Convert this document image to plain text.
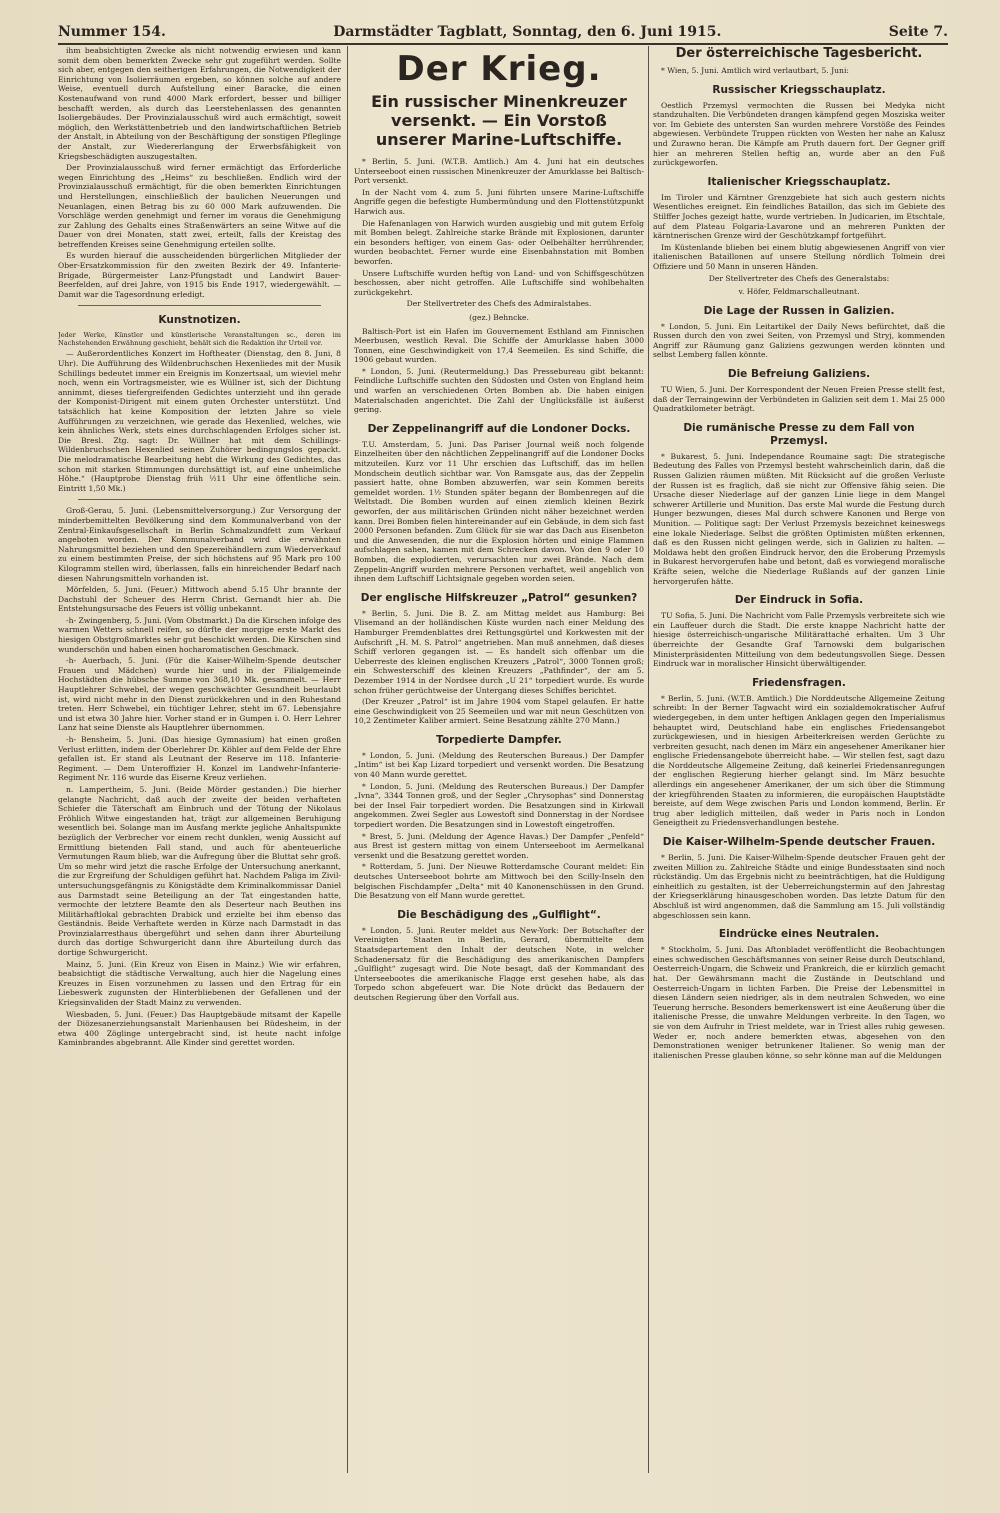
Nummer 154.	Darmstädter Tagblatt, Sonntag, den 6. Juni 1915.	Seite 7.

ihm beabsichtigten Zwecke als nicht notwendig erwiesen und kann somit dem oben bemerkten Zwecke sehr gut zugeführt werden. Sollte sich aber, entgegen den seitherigen Erfahrungen, die Notwendigkeit der Einrichtung von Isolierräumen ergeben, so können solche auf andere Weise, eventuell durch Aufstellung einer Baracke, die einen Kostenaufwand von rund 4000 Mark erfordert, besser und billiger beschafft werden, als durch das Leerstehenlassen des genannten Isoliergebäudes. Der Provinzialausschuß wird auch ermächtigt, soweit möglich, den Werkstättenbetrieb und den landwirtschaftlichen Betrieb der Anstalt, in Abteilung von der Beschäftigung der sonstigen Pfleglinge der Anstalt, zur Wiedererlangung der Erwerbsfähigkeit von Kriegsbeschädigten auszugestalten.

Der Provinzialausschuß wird ferner ermächtigt das Erforderliche wegen Einrichtung des „Heims“ zu beschließen. Endlich wird der Provinzialausschuß ermächtigt, für die oben bemerkten Einrichtungen und Herstellungen, einschließlich der baulichen Neuerungen und Neuanlagen, einen Betrag bis zu 60 000 Mark aufzuwenden. Die Vorschläge werden genehmigt und ferner im voraus die Genehmigung zur Zahlung des Gehalts eines Straßenwärters an seine Witwe auf die Dauer von drei Monaten, statt zwei, erteilt, falls der Kreistag des betreffenden Kreises seine Genehmigung erteilen sollte.

Es wurden hierauf die ausscheidenden bürgerlichen Mitglieder der Ober-Ersatzkommission für den zweiten Bezirk der 49. Infanterie-Brigade, Bürgermeister Lanz-Pfungstadt und Landwirt Bauer-Beerfelden, auf drei Jahre, von 1915 bis Ende 1917, wiedergewählt. — Damit war die Tagesordnung erledigt.

Kunstnotizen.

Jeder Werke, Künstler und künstlerische Veranstaltungen sc., deren im Nachstehenden Erwähnung geschieht, behält sich die Redaktion ihr Urteil vor.

— Außerordentliches Konzert im Hoftheater (Dienstag, den 8. Juni, 8 Uhr). Die Aufführung des Wildenbruchschen Hexenliedes mit der Musik Schillings bedeutet immer ein Ereignis im Konzertsaal, um wieviel mehr noch, wenn ein Vortragsmeister, wie es Wüllner ist, sich der Dichtung annimmt, dieses tiefergreifenden Gedichtes unterzieht und ihn gerade der Komponist-Dirigent mit einem guten Orchester unterstützt. Und tatsächlich hat keine Komposition der letzten Jahre so viele Aufführungen zu verzeichnen, wie gerade das Hexenlied, welches, wie kein ähnliches Werk, stets eines durchschlagenden Erfolges sicher ist. Die Bresl. Ztg. sagt: Dr. Wüllner hat mit dem Schillings-Wildenbruchschen Hexenlied seinen Zuhörer bedingungslos gepackt. Die melodramatische Bearbeitung hebt die Wirkung des Gedichtes, das schon mit starken Stimmungen durchsättigt ist, auf eine unheimliche Höhe.“ (Hauptprobe Dienstag früh ½11 Uhr eine öffentliche sein. Eintritt 1,50 Mk.)

Groß-Gerau, 5. Juni. (Lebensmittelversorgung.) Zur Versorgung der minderbemittelten Bevölkerung sind dem Kommunalverband von der Zentral-Einkaufsgesellschaft in Berlin Schmalzundfett zum Verkauf angeboten worden. Der Kommunalverband wird die erwähnten Nahrungsmittel beziehen und den Spezereihändlern zum Wiederverkauf zu einem bestimmten Preise, der sich höchstens auf 95 Mark pro 100 Kilogramm stellen wird, überlassen, falls ein hinreichender Bedarf nach diesen Nahrungsmitteln vorhanden ist.

Mörfelden, 5. Juni. (Feuer.) Mittwoch abend 5.15 Uhr brannte der Dachstuhl der Scheuer des Herrn Christ. Gernandt hier ab. Die Entstehungsursache des Feuers ist völlig unbekannt.

-h- Zwingenberg, 5. Juni. (Vom Obstmarkt.) Da die Kirschen infolge des warmen Wetters schnell reifen, so dürfte der morgige erste Markt des hiesigen Obstgroßmarktes sehr gut beschickt werden. Die Kirschen sind wunderschön und haben einen hocharomatischen Geschmack.

-h- Auerbach, 5. Juni. (Für die Kaiser-Wilhelm-Spende deutscher Frauen und Mädchen) wurde hier und in der Filialgemeinde Hochstädten die hübsche Summe von 368,10 Mk. gesammelt. — Herr Hauptlehrer Schwebel, der wegen geschwächter Gesundheit beurlaubt ist, wird nicht mehr in den Dienst zurückkehren und in den Ruhestand treten. Herr Schwebel, ein tüchtiger Lehrer, steht im 67. Lebensjahre und ist etwa 30 Jahre hier. Vorher stand er in Gumpen i. O. Herr Lehrer Lanz hat seine Dienste als Hauptlehrer übernommen.

-h- Bensheim, 5. Juni. (Das hiesige Gymnasium) hat einen großen Verlust erlitten, indem der Oberlehrer Dr. Köhler auf dem Felde der Ehre gefallen ist. Er stand als Leutnant der Reserve im 118. Infanterie-Regiment. — Dem Unteroffizier H. Konzel im Landwehr-Infanterie-Regiment Nr. 116 wurde das Eiserne Kreuz verliehen.

n. Lampertheim, 5. Juni. (Beide Mörder gestanden.) Die hierher gelangte Nachricht, daß auch der zweite der beiden verhafteten Schiefer die Täterschaft am Einbruch und der Tötung der Nikolaus Fröhlich Witwe eingestanden hat, trägt zur allgemeinen Beruhigung wesentlich bei. Solange man im Ausfang merkte jegliche Anhaltspunkte bezüglich der Verbrecher vor einem recht dunklen, wenig Aussicht auf Ermittlung bietenden Fall stand, und auch für abenteuerliche Vermutungen Raum blieb, war die Aufregung über die Bluttat sehr groß. Um so mehr wird jetzt die rasche Erfolge der Untersuchung anerkannt, die zur Ergreifung der Schuldigen geführt hat. Nachdem Paliga im Zivil-untersuchungsgefängnis zu Königstädte dem Kriminalkommissar Daniel aus Darmstadt seine Beteiligung an der Tat eingestanden hatte, vermochte der letztere Beamte den als Deserteur nach Beuthen ins Militärhaftlokal gebrachten Drabick und erzielte bei ihm ebenso das Geständnis. Beide Verhaftete werden in Kürze nach Darmstadt in das Provinzialarresthaus übergeführt und sehen dann ihrer Aburteilung durch das dortige Schwurgericht dann ihre Aburteilung durch das dortige Schwurgericht.

Mainz, 5. Juni. (Ein Kreuz von Eisen in Mainz.) Wie wir erfahren, beabsichtigt die städtische Verwaltung, auch hier die Nagelung eines Kreuzes in Eisen vorzunehmen zu lassen und den Ertrag für ein Liebeswerk zugunsten der Hinterbliebenen der Gefallenen und der Kriegsinvaliden der Stadt Mainz zu verwenden.

Wiesbaden, 5. Juni. (Feuer.) Das Hauptgebäude mitsamt der Kapelle der Diözesanerziehungsanstalt Marienhausen bei Rüdesheim, in der etwa 400 Zöglinge untergebracht sind, ist heute nacht infolge Kaminbrandes abgebrannt. Alle Kinder sind gerettet worden.

Der Krieg.
Ein russischer Minenkreuzer versenkt. — Ein Vorstoß unserer Marine-Luftschiffe.

* Berlin, 5. Juni. (W.T.B. Amtlich.) Am 4. Juni hat ein deutsches Unterseeboot einen russischen Minenkreuzer der Amurklasse bei Baltisch-Port versenkt.

In der Nacht vom 4. zum 5. Juni führten unsere Marine-Luftschiffe Angriffe gegen die befestigte Humbermündung und den Flottenstützpunkt Harwich aus.

Die Hafenanlagen von Harwich wurden ausgiebig und mit gutem Erfolg mit Bomben belegt. Zahlreiche starke Brände mit Explosionen, darunter ein besonders heftiger, von einem Gas- oder Oelbehälter herrührender, wurden beobachtet. Ferner wurde eine Eisenbahnstation mit Bomben beworfen.

Unsere Luftschiffe wurden heftig von Land- und von Schiffsgeschützen beschossen, aber nicht getroffen. Alle Luftschiffe sind wohlbehalten zurückgekehrt.

Der Stellvertreter des Chefs des Admiralstabes.

(gez.) Behncke.

Baltisch-Port ist ein Hafen im Gouvernement Esthland am Finnischen Meerbusen, westlich Reval. Die Schiffe der Amurklasse haben 3000 Tonnen, eine Geschwindigkeit von 17,4 Seemeilen. Es sind Schiffe, die 1906 gebaut wurden.

* London, 5. Juni. (Reutermeldung.) Das Pressebureau gibt bekannt: Feindliche Luftschiffe suchten den Südosten und Osten von England heim und warfen an verschiedenen Orten Bomben ab. Die haben einigen Materialschaden angerichtet. Die Zahl der Unglücksfälle ist äußerst gering.

Der Zeppelinangriff auf die Londoner Docks.

T.U. Amsterdam, 5. Juni. Das Pariser Journal weiß noch folgende Einzelheiten über den nächtlichen Zeppelinangriff auf die Londoner Docks mitzuteilen. Kurz vor 11 Uhr erschien das Luftschiff, das im hellen Mondschein deutlich sichtbar war. Von Ramsgate aus, das der Zeppelin passiert hatte, ohne Bomben abzuwerfen, war sein Kommen bereits gemeldet worden. 1½ Stunden später begann der Bombenregen auf die Weltstadt. Die Bomben wurden auf einen ziemlich kleinen Bezirk geworfen, der aus militärischen Gründen nicht näher bezeichnet werden kann. Drei Bomben fielen hintereinander auf ein Gebäude, in dem sich fast 2000 Personen befanden. Zum Glück für sie war das Dach aus Eisenbeton und die Anwesenden, die nur die Explosion hörten und einige Flammen aufschlagen sahen, kamen mit dem Schrecken davon. Von den 9 oder 10 Bomben, die explodierten, verursachten nur zwei Brände. Nach dem Zeppelin-Angriff wurden mehrere Personen verhaftet, weil angeblich von ihnen dem Luftschiff Lichtsignale gegeben worden seien.

Der englische Hilfskreuzer „Patrol“ gesunken?

* Berlin, 5. Juni. Die B. Z. am Mittag meldet aus Hamburg: Bei Vlisemand an der holländischen Küste wurden nach einer Meldung des Hamburger Fremdenblattes drei Rettungsgürtel und Korkwesten mit der Aufschrift „H. M. S. Patrol“ angetrieben. Man muß annehmen, daß dieses Schiff verloren gegangen ist. — Es handelt sich offenbar um die Ueberreste des kleinen englischen Kreuzers „Patrol“, 3000 Tonnen groß; ein Schwesterschiff des kleinen Kreuzers „Pathfinder“, der am 5. Dezember 1914 in der Nordsee durch „U 21“ torpediert wurde. Es wurde schon früher gerüchtweise der Untergang dieses Schiffes berichtet.

(Der Kreuzer „Patrol“ ist im Jahre 1904 vom Stapel gelaufen. Er hatte eine Geschwindigkeit von 25 Seemeilen und war mit neun Geschützen von 10,2 Zentimeter Kaliber armiert. Seine Besatzung zählte 270 Mann.)

Torpedierte Dampfer.

* London, 5. Juni. (Meldung des Reuterschen Bureaus.) Der Dampfer „Intim“ ist bei Kap Lizard torpediert und versenkt worden. Die Besatzung von 40 Mann wurde gerettet.

* London, 5. Juni. (Meldung des Reuterschen Bureaus.) Der Dampfer „Ivna“, 3344 Tonnen groß, und der Segler „Chrysophas“ sind Donnerstag bei der Insel Fair torpediert worden. Die Besatzungen sind in Kirkwall angekommen. Zwei Segler aus Lowestoft sind Donnerstag in der Nordsee torpediert worden. Die Besatzungen sind in Lowestoft eingetroffen.

* Brest, 5. Juni. (Meldung der Agence Havas.) Der Dampfer „Penfeld“ aus Brest ist gestern mittag von einem Unterseeboot im Aermelkanal versenkt und die Besatzung gerettet worden.

* Rotterdam, 5. Juni. Der Nieuwe Rotterdamsche Courant meldet: Ein deutsches Unterseeboot bohrte am Mittwoch bei den Scilly-Inseln den belgischen Fischdampfer „Delta“ mit 40 Kanonenschüssen in den Grund. Die Besatzung von elf Mann wurde gerettet.

Die Beschädigung des „Gulflight“.

* London, 5. Juni. Reuter meldet aus New-York: Der Botschafter der Vereinigten Staaten in Berlin, Gerard, übermittelte dem Staatsdepartement den Inhalt der deutschen Note, in welcher Schadenersatz für die Beschädigung des amerikanischen Dampfers „Gulflight“ zugesagt wird. Die Note besagt, daß der Kommandant des Unterseebootes die amerikanische Flagge erst gesehen habe, als das Torpedo schon abgefeuert war. Die Note drückt das Bedauern der deutschen Regierung über den Vorfall aus.

Der österreichische Tagesbericht.

* Wien, 5. Juni. Amtlich wird verlautbart, 5. Juni:

Russischer Kriegsschauplatz.

Oestlich Przemysl vermochten die Russen bei Medyka nicht standzuhalten. Die Verbündeten drangen kämpfend gegen Mosziska weiter vor. Im Gebiete des untersten San wurden mehrere Vorstöße des Feindes abgewiesen. Verbündete Truppen rückten von Westen her nahe an Kalusz und Zurawno heran. Die Kämpfe am Pruth dauern fort. Der Gegner griff hier an mehreren Stellen heftig an, wurde aber an den Fuß zurückgeworfen.

Italienischer Kriegsschauplatz.

Im Tiroler und Kärntner Grenzgebiete hat sich auch gestern nichts Wesentliches ereignet. Ein feindliches Bataillon, das sich im Gebiete des Stilffer Joches gezeigt hatte, wurde vertrieben. In Judicarien, im Etschtale, auf dem Plateau Folgaria-Lavarone und an mehreren Punkten der kärntnerischen Grenze wird der Geschützkampf fortgeführt.

Im Küstenlande blieben bei einem blutig abgewiesenen Angriff von vier italienischen Bataillonen auf unsere Stellung nördlich Tolmein drei Offiziere und 50 Mann in unseren Händen.

Der Stellvertreter des Chefs des Generalstabs:

v. Höfer, Feldmarschalleutnant.

Die Lage der Russen in Galizien.

* London, 5. Juni. Ein Leitartikel der Daily News befürchtet, daß die Russen durch den von zwei Seiten, von Przemysl und Stryj, kommenden Angriff zur Räumung ganz Galiziens gezwungen werden könnten und selbst Lemberg fallen könnte.

Die Befreiung Galiziens.

TU Wien, 5. Juni. Der Korrespondent der Neuen Freien Presse stellt fest, daß der Terraingewinn der Verbündeten in Galizien seit dem 1. Mai 25 000 Quadratkilometer beträgt.

Die rumänische Presse zu dem Fall von Przemysl.

* Bukarest, 5. Juni. Independance Roumaine sagt: Die strategische Bedeutung des Falles von Przemysl besteht wahrscheinlich darin, daß die Russen Galizien räumen müßten. Mit Rücksicht auf die großen Verluste der Russen ist es fraglich, daß sie nicht zur Offensive fähig seien. Die Ursache dieser Niederlage auf der ganzen Linie liege in dem Mangel schwerer Artillerie und Munition. Das erste Mal wurde die Festung durch Hunger bezwungen, dieses Mal durch schwere Kanonen und Berge von Munition. — Politique sagt: Der Verlust Przemysls bezeichnet keineswegs eine lokale Niederlage. Selbst die größten Optimisten müßten erkennen, daß es den Russen nicht gelingen werde, sich in Galizien zu halten. — Moldawa hebt den großen Eindruck hervor, den die Eroberung Przemysls in Bukarest hervorgerufen habe und betont, daß es vorwiegend moralische Kräfte seien, welche die Niederlage Rußlands auf der ganzen Linie hervorgerufen hätte.

Der Eindruck in Sofia.

TU Sofia, 5. Juni. Die Nachricht vom Falle Przemysls verbreitete sich wie ein Lauffeuer durch die Stadt. Die erste knappe Nachricht hatte der hiesige österreichisch-ungarische Militärattaché erhalten. Um 3 Uhr überreichte der Gesandte Graf Tarnowski dem bulgarischen Ministerpräsidenten Mitteilung von dem bedeutungsvollen Siege. Dessen Eindruck war in moralischer Hinsicht überwältigender.

Friedensfragen.

* Berlin, 5. Juni. (W.T.B. Amtlich.) Die Norddeutsche Allgemeine Zeitung schreibt: In der Berner Tagwacht wird ein sozialdemokratischer Aufruf wiedergegeben, in dem unter heftigen Anklagen gegen den Imperialismus behauptet wird, Deutschland habe ein englisches Friedensangebot zurückgewiesen, und in hiesigen Arbeiterkreisen werden Gerüchte zu verbreiten gesucht, nach denen im März ein angesehener Amerikaner hier englische Friedensangebote überreicht habe. — Wir stellen fest, sagt dazu die Norddeutsche Allgemeine Zeitung, daß keinerlei Friedensanregungen der englischen Regierung hierher gelangt sind. Im März besuchte allerdings ein angesehener Amerikaner, der um sich über die Stimmung der kriegführenden Staaten zu informieren, die europäischen Hauptstädte bereiste, auf dem Wege zwischen Paris und London kommend, Berlin. Er trug aber lediglich mitteilen, daß weder in Paris noch in London Geneigtheit zu Friedensverhandlungen bestehe.

Die Kaiser-Wilhelm-Spende deutscher Frauen.

* Berlin, 5. Juni. Die Kaiser-Wilhelm-Spende deutscher Frauen geht der zweiten Million zu. Zahlreiche Städte und einige Bundesstaaten sind noch rückständig. Um das Ergebnis nicht zu beeinträchtigen, hat die Huldigung einheitlich zu gestalten, ist der Ueberreichungstermin auf den Jahrestag der Kriegserklärung hinausgeschoben worden. Das letzte Datum für den Abschluß ist wird angenommen, daß die Sammlung am 15. Juli vollständig abgeschlossen sein kann.

Eindrücke eines Neutralen.

* Stockholm, 5. Juni. Das Aftonbladet veröffentlicht die Beobachtungen eines schwedischen Geschäftsmannes von seiner Reise durch Deutschland, Oesterreich-Ungarn, die Schweiz und Frankreich, die er kürzlich gemacht hat. Der Gewährsmann macht die Zustände in Deutschland und Oesterreich-Ungarn in lichten Farben. Die Preise der Lebensmittel in diesen Ländern seien niedriger, als in dem neutralen Schweden, wo eine Teuerung herrsche. Besonders bemerkenswert ist eine Aeußerung über die italienische Presse, die unwahre Meldungen verbreite. In den Tagen, wo sie von dem Aufruhr in Triest meldete, war in Triest alles ruhig gewesen. Weder er, noch andere bemerkten etwas, abgesehen von den Demonstrationen weniger betrunkener Italiener. So wenig man der italienischen Presse glauben könne, so sehr könne man auf die Meldungen
